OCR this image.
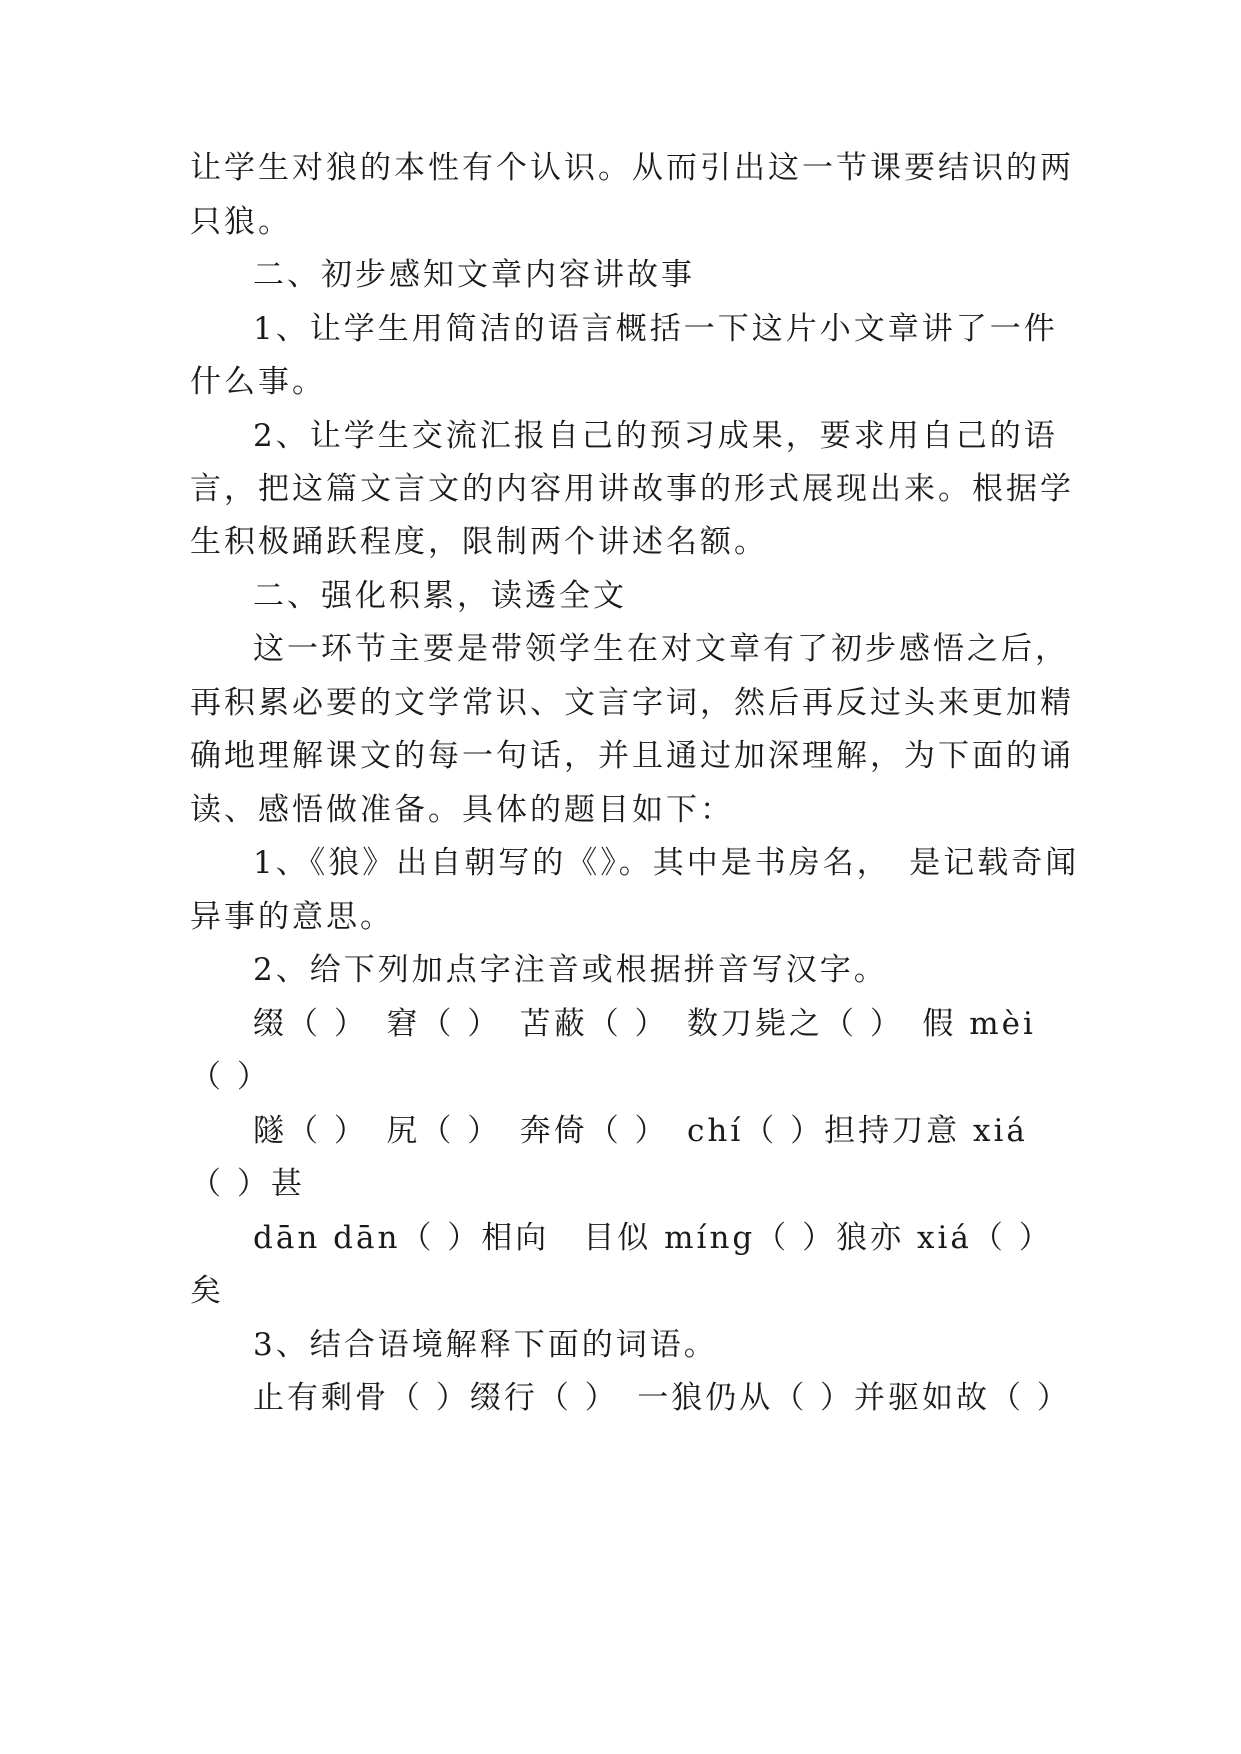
让学生对狼的本性有个认识。从而引出这一节课要结识的两

只狼。

二、初步感知文章内容讲故事

1、让学生用简洁的语言概括一下这片小文章讲了一件

什么事。

2、让学生交流汇报自己的预习成果，要求用自己的语

言，把这篇文言文的内容用讲故事的形式展现出来。根据学

生积极踊跃程度，限制两个讲述名额。

二、强化积累，读透全文

这一环节主要是带领学生在对文章有了初步感悟之后，

再积累必要的文学常识、文言字词，然后再反过头来更加精

确地理解课文的每一句话，并且通过加深理解，为下面的诵

读、感悟做准备。具体的题目如下：

1、《狼》出自朝写的《》。其中是书房名，　是记载奇闻

异事的意思。

2、给下列加点字注音或根据拼音写汉字。

缀（ ）　窘（ ）　苫蔽（ ）　数刀毙之（ ）　假 mèi

（ ）

隧（ ）　尻（ ）　奔倚（ ）　chí（ ）担持刀意 xiá

（ ）甚

dān dān（ ）相向　目似 míng（ ）狼亦 xiá（ ）

矣

3、结合语境解释下面的词语。

止有剩骨（ ）缀行（ ）　一狼仍从（ ）并驱如故（ ）
